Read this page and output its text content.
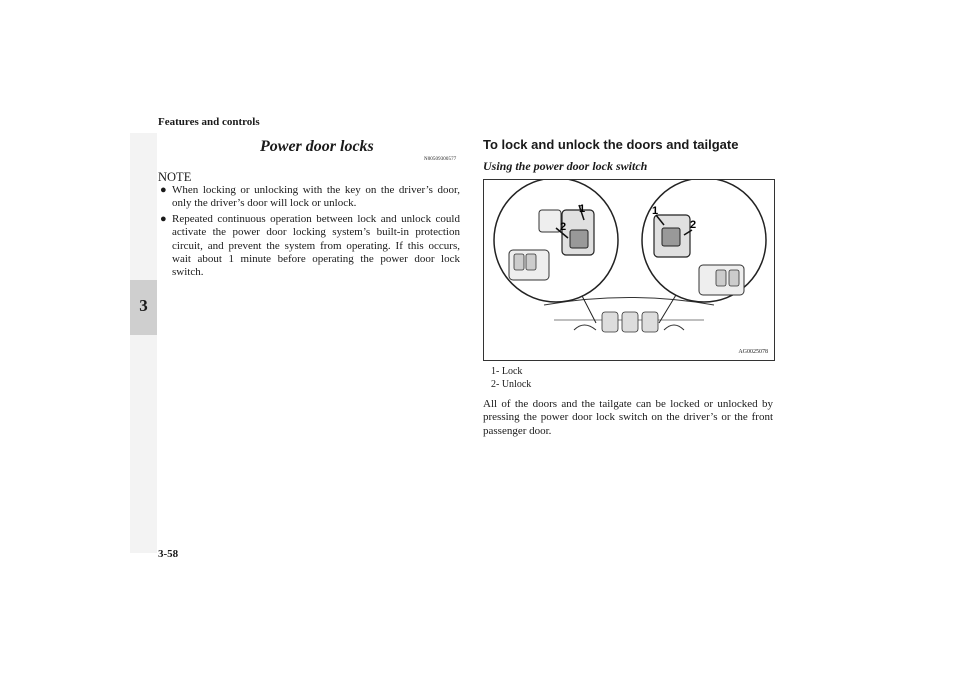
Features and controls
3
Power door locks
N00509300577
NOTE
● When locking or unlocking with the key on the driver’s door, only the driver’s door will lock or unlock.
● Repeated continuous operation between lock and unlock could activate the power door locking system’s built-in protection circuit, and prevent the system from operating. If this occurs, wait about 1 minute before operating the power door lock switch.
To lock and unlock the doors and tailgate
Using the power door lock switch
1
2
1
2
AG0025078
1- Lock
2- Unlock
All of the doors and the tailgate can be locked or unlocked by pressing the power door lock switch on the driver’s or the front passenger door.
3-58
